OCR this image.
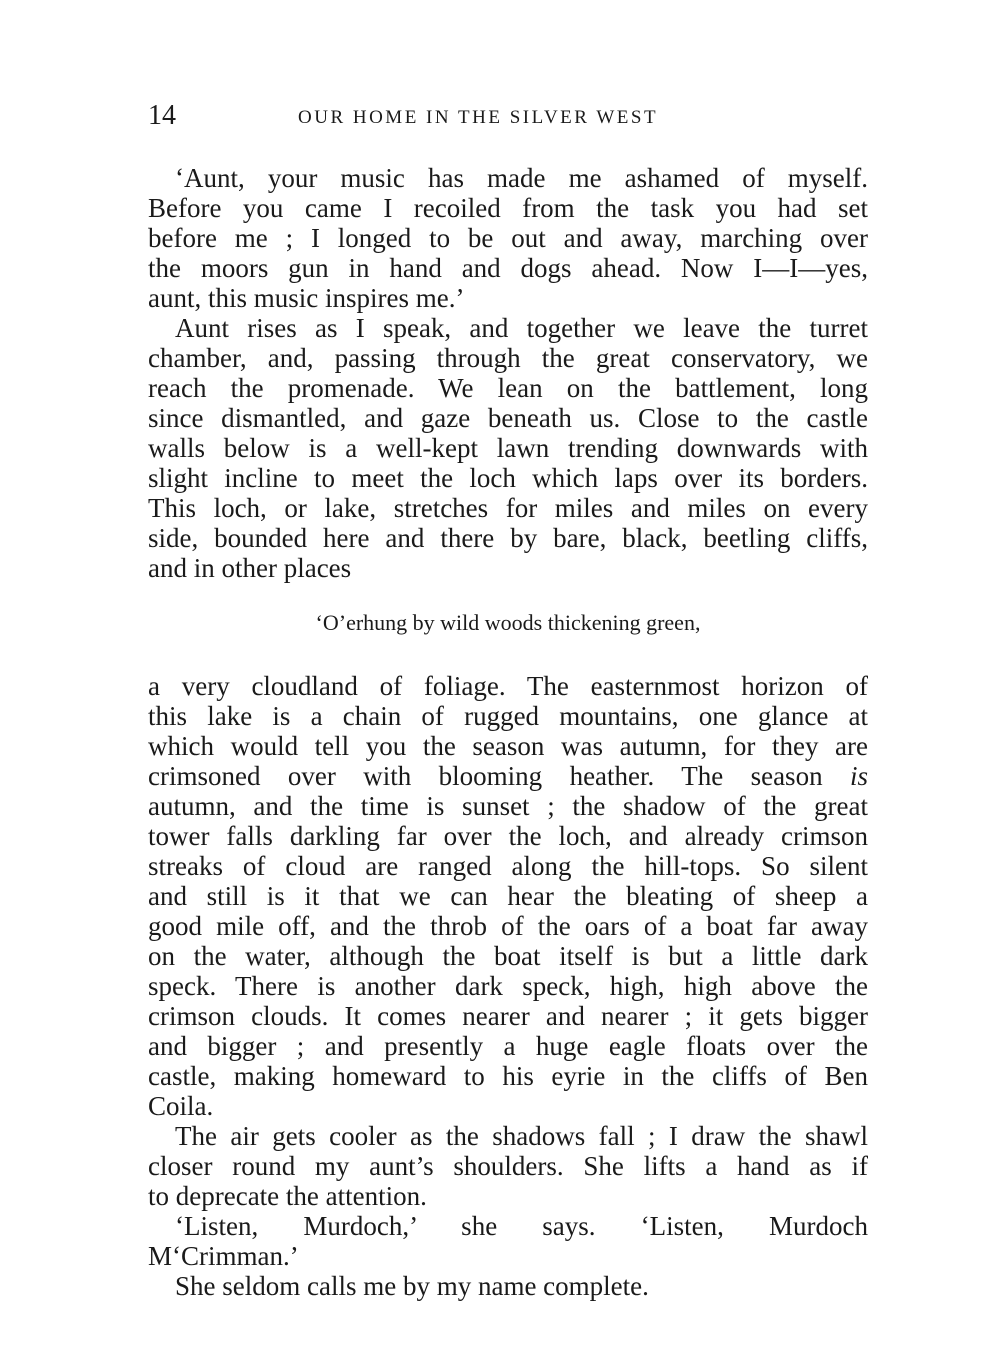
14	OUR HOME IN THE SILVER WEST
‘Aunt, your music has made me ashamed of myself.
Before you came I recoiled from the task you had set
before me ; I longed to be out and away, marching over
the moors gun in hand and dogs ahead. Now I—I—yes,
aunt, this music inspires me.’
Aunt rises as I speak, and together we leave the turret
chamber, and, passing through the great conservatory, we
reach the promenade. We lean on the battlement, long
since dismantled, and gaze beneath us. Close to the castle
walls below is a well-kept lawn trending downwards with
slight incline to meet the loch which laps over its borders.
This loch, or lake, stretches for miles and miles on every
side, bounded here and there by bare, black, beetling cliffs,
and in other places
‘O’erhung by wild woods thickening green,
a very cloudland of foliage. The easternmost horizon of
this lake is a chain of rugged mountains, one glance at
which would tell you the season was autumn, for they are
crimsoned over with blooming heather. The season is
autumn, and the time is sunset ; the shadow of the great
tower falls darkling far over the loch, and already crimson
streaks of cloud are ranged along the hill-tops. So silent
and still is it that we can hear the bleating of sheep a
good mile off, and the throb of the oars of a boat far away
on the water, although the boat itself is but a little dark
speck. There is another dark speck, high, high above the
crimson clouds. It comes nearer and nearer ; it gets bigger
and bigger ; and presently a huge eagle floats over the
castle, making homeward to his eyrie in the cliffs of Ben
Coila.
The air gets cooler as the shadows fall ; I draw the shawl
closer round my aunt’s shoulders. She lifts a hand as if
to deprecate the attention.
‘Listen, Murdoch,’ she says. ‘Listen, Murdoch
M‘Crimman.’
She seldom calls me by my name complete.
